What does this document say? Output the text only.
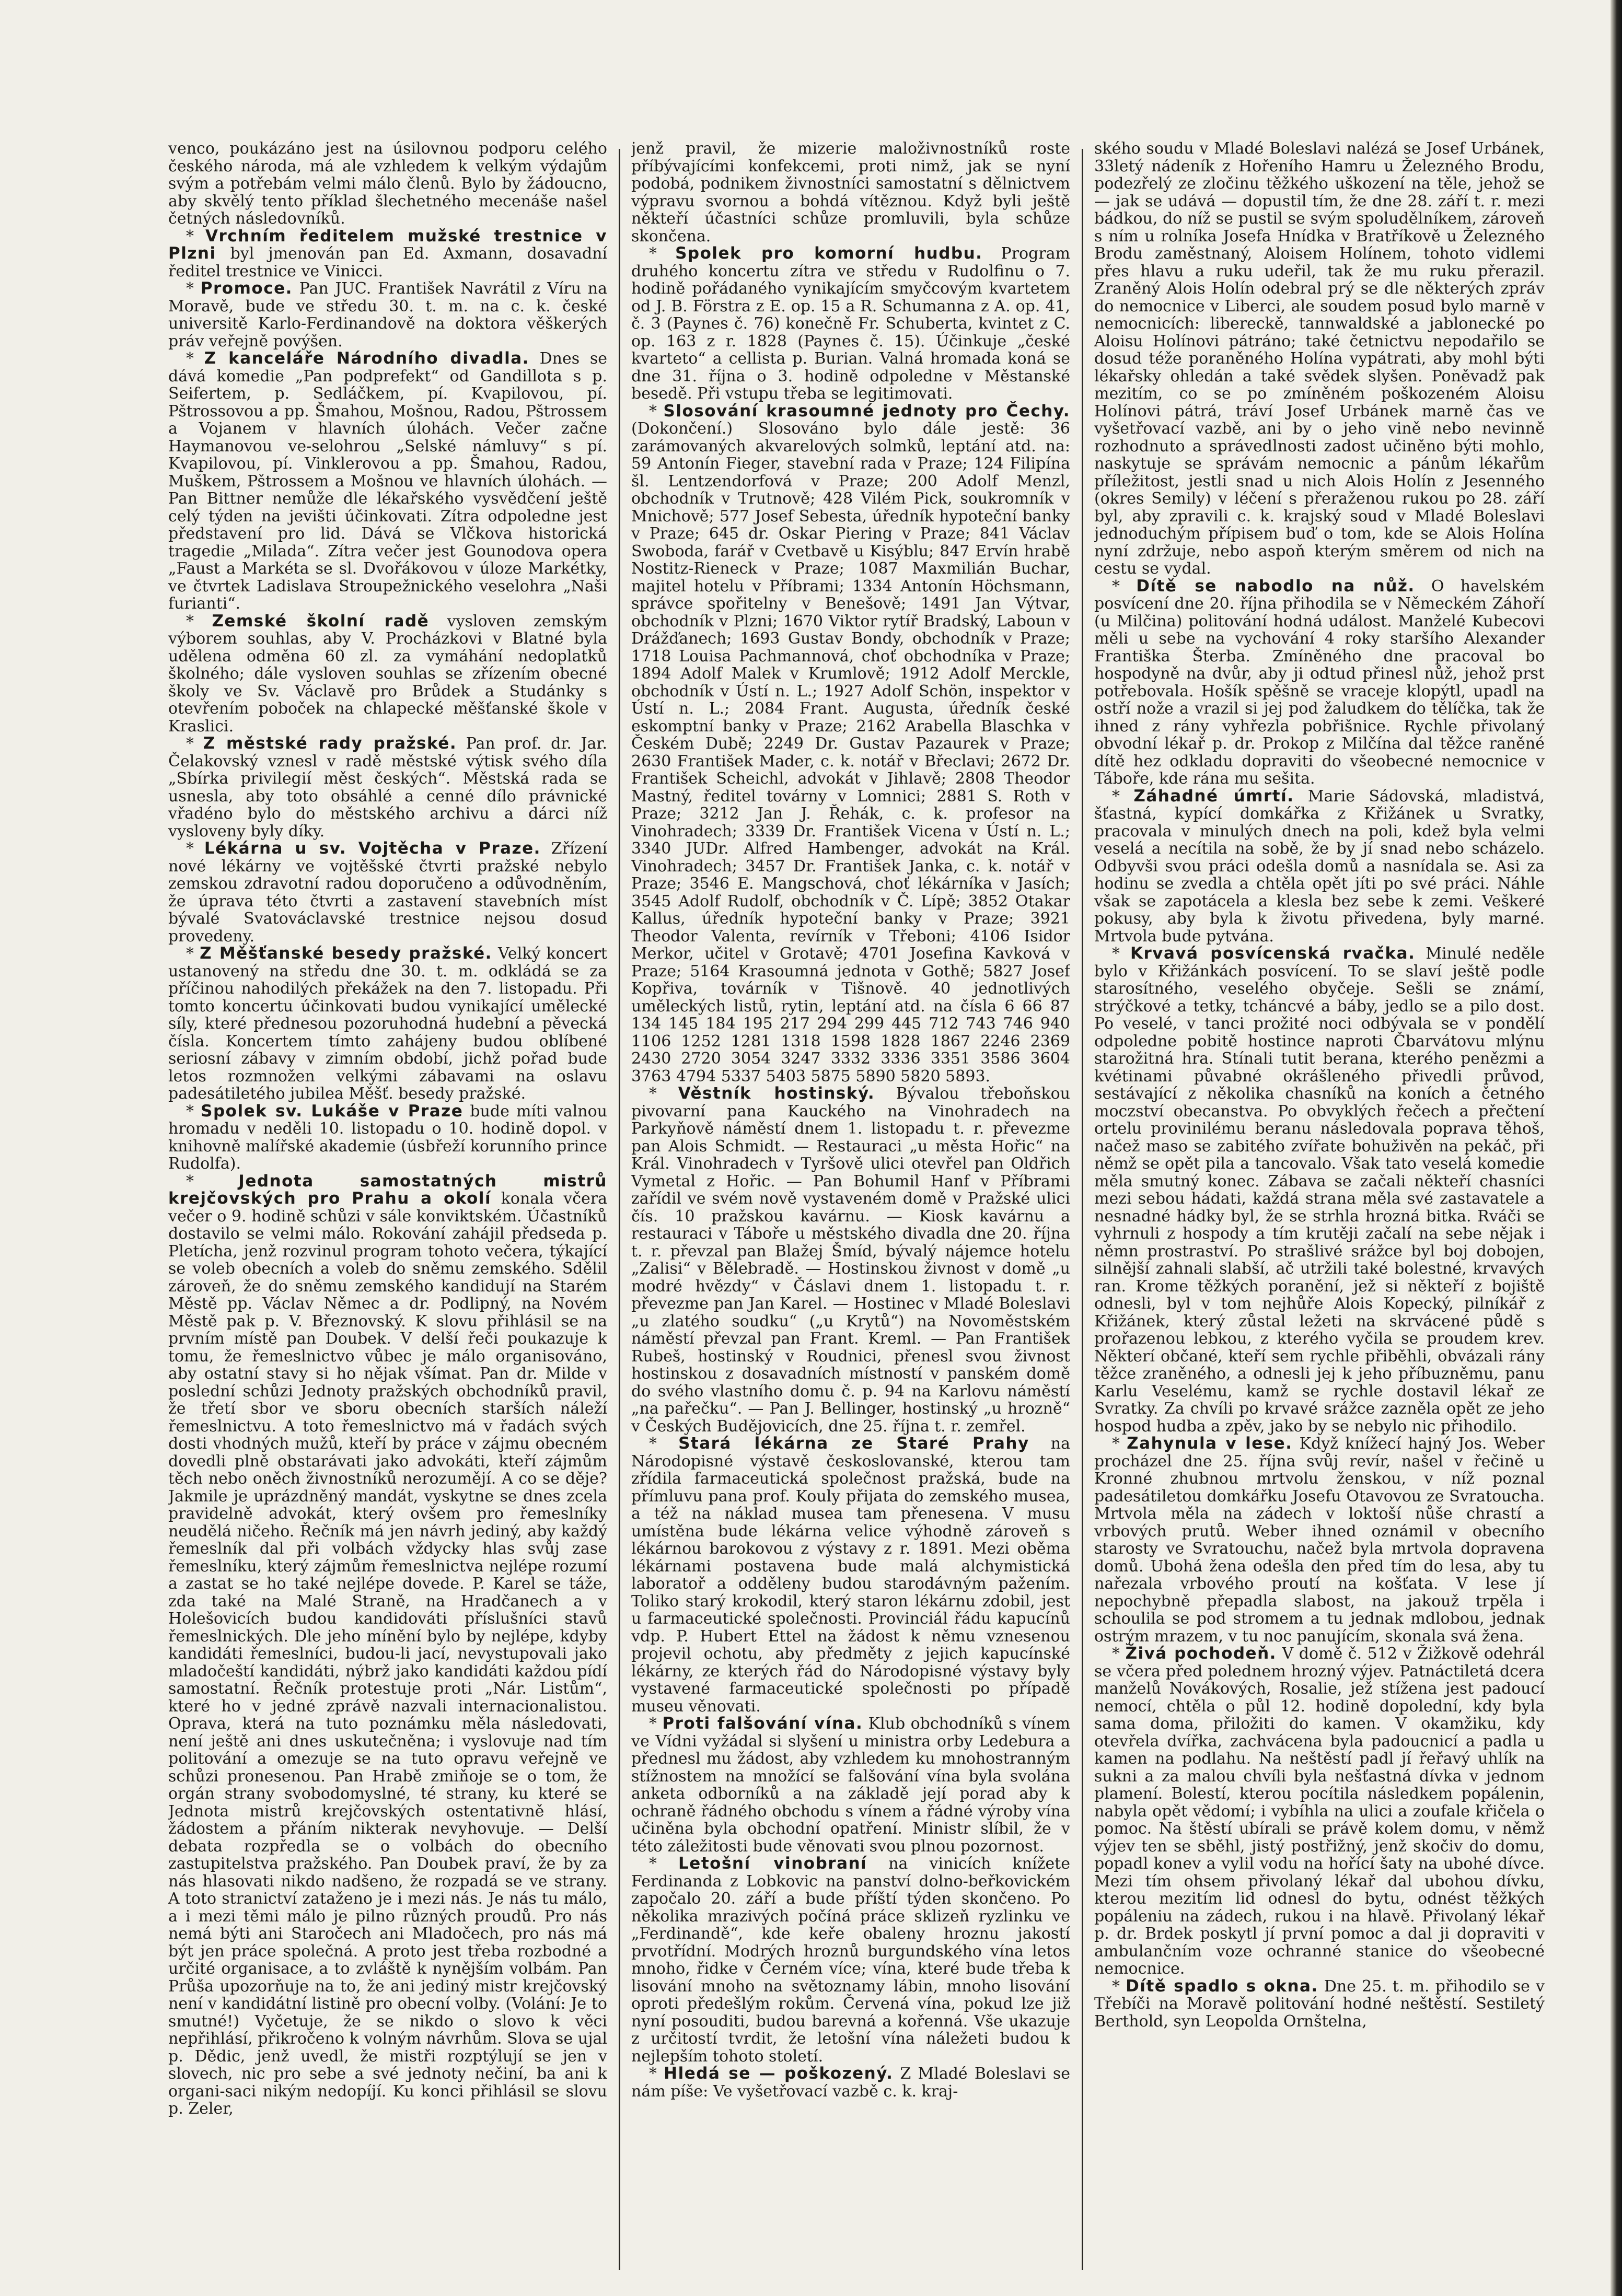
venco, poukázáno jest na úsilovnou podporu celého českého národa, má ale vzhledem k velkým výdajům svým a potřebám velmi málo členů. Bylo by žádoucno, aby skvělý tento příklad šlechetného mecenáše našel četných následovníků.

* Vrchním ředitelem mužské trestnice v Plzni byl jmenován pan Ed. Axmann, dosavadní ředitel trestnice ve Vinicci.

* Promoce. Pan JUC. František Navrátil z Víru na Moravě, bude ve středu 30. t. m. na c. k. české universitě Karlo-Ferdinandově na doktora věškerých práv veřejně povýšen.

* Z kanceláře Národního divadla. Dnes se dává komedie „Pan podprefekt“ od Gandillota s p. Seifertem, p. Sedláčkem, pí. Kvapilovou, pí. Pštrossovou a pp. Šmahou, Mošnou, Radou, Pštrossem a Vojanem v hlavních úlohách. Večer začne Haymanovou ve-selohrou „Selské námluvy“ s pí. Kvapilovou, pí. Vinklerovou a pp. Šmahou, Radou, Muškem, Pštrossem a Mošnou ve hlavních úlohách. — Pan Bittner nemůže dle lékařského vysvědčení ještě celý týden na jevišti účinkovati. Zítra odpoledne jest představení pro lid. Dává se Vlčkova historická tragedie „Milada“. Zítra večer jest Gounodova opera „Faust a Markéta se sl. Dvořákovou v úloze Markétky, ve čtvrtek Ladislava Stroupežnického veselohra „Naši furianti“.

* Zemské školní radě vysloven zemským výborem souhlas, aby V. Procházkovi v Blatné byla udělena odměna 60 zl. za vymáhání nedoplatků školného; dále vysloven souhlas se zřízením obecné školy ve Sv. Václavě pro Brůdek a Studánky s otevřením poboček na chlapecké měšťanské škole v Kraslici.

* Z městské rady pražské. Pan prof. dr. Jar. Čelakovský vznesl v radě městské výtisk svého díla „Sbírka privilegií měst českých“. Městská rada se usnesla, aby toto obsáhlé a cenné dílo právnické vřadéno bylo do městského archivu a dárci níž vysloveny byly díky.

* Lékárna u sv. Vojtěcha v Praze. Zřízení nové lékárny ve vojtěšské čtvrti pražské nebylo zemskou zdravotní radou doporučeno a odůvodněním, že úprava této čtvrti a zastavení stavebních míst bývalé Svatováclavské trestnice nejsou dosud provedeny.

* Z Měšťanské besedy pražské. Velký koncert ustanovený na středu dne 30. t. m. odkládá se za příčinou nahodilých překážek na den 7. listopadu. Při tomto koncertu účinkovati budou vynikající umělecké síly, které přednesou pozoruhodná hudební a pěvecká čísla. Koncertem tímto zahájeny budou oblíbené seriosní zábavy v zimním období, jichž pořad bude letos rozmnožen velkými zábavami na oslavu padesátiletého jubilea Měšť. besedy pražské.

* Spolek sv. Lukáše v Praze bude míti valnou hromadu v neděli 10. listopadu o 10. hodině dopol. v knihovně malířské akademie (úsbřeží korunního prince Rudolfa).

* Jednota samostatných mistrů krejčovských pro Prahu a okolí konala včera večer o 9. hodině schůzi v sále konviktském. Účastníků dostavilo se velmi málo. Rokování zahájil předseda p. Pletícha, jenž rozvinul program tohoto večera, týkající se voleb obecních a voleb do sněmu zemského. Sdělil zároveň, že do sněmu zemského kandidují na Starém Městě pp. Václav Němec a dr. Podlipný, na Novém Městě pak p. V. Březnovský. K slovu přihlásil se na prvním místě pan Doubek. V delší řeči poukazuje k tomu, že řemeslnictvo vůbec je málo organisováno, aby ostatní stavy si ho nějak všímat. Pan dr. Milde v poslední schůzi Jednoty pražských obchodníků pravil, že třetí sbor ve sboru obecních starších náleží řemeslnictvu. A toto řemeslnictvo má v řadách svých dosti vhodných mužů, kteří by práce v zájmu obecném dovedli plně obstarávati jako advokáti, kteří zájmům těch nebo oněch živnostníků nerozumějí. A co se děje? Jakmile je uprázdněný mandát, vyskytne se dnes zcela pravidelně advokát, který ovšem pro řemeslníky neudělá ničeho. Řečník má jen návrh jediný, aby každý řemeslník dal při volbách vždycky hlas svůj zase řemeslníku, který zájmům řemeslnictva nejlépe rozumí a zastat se ho také nejlépe dovede. P. Karel se táže, zda také na Malé Straně, na Hradčanech a v Holešovicích budou kandidováti příslušníci stavů řemeslnických. Dle jeho mínění bylo by nejlépe, kdyby kandidáti řemeslníci, budou-li jací, nevystupovali jako mladočeští kandidáti, nýbrž jako kandidáti každou pídí samostatní. Řečník protestuje proti „Nár. Listům“, které ho v jedné zprávě nazvali internacionalistou. Oprava, která na tuto poznámku měla následovati, není ještě ani dnes uskutečněna; i vyslovuje nad tím politování a omezuje se na tuto opravu veřejně ve schůzi pronesenou. Pan Hrabě zmiňoje se o tom, že orgán strany svobodomyslné, té strany, ku které se Jednota mistrů krejčovských ostentativně hlásí, žádostem a přáním nikterak nevyhovuje. — Delší debata rozpředla se o volbách do obecního zastupitelstva pražského. Pan Doubek praví, že by za nás hlasovati nikdo nadšeno, že rozpadá se ve strany. A toto stranictví zataženo je i mezi nás. Je nás tu málo, a i mezi těmi málo je pilno různých proudů. Pro nás nemá býti ani Staročech ani Mladočech, pro nás má být jen práce společná. A proto jest třeba rozbodné a určité organisace, a to zvláště k nynějším volbám. Pan Průša upozorňuje na to, že ani jediný mistr krejčovský není v kandidátní listině pro obecní volby. (Volání: Je to smutné!) Vyčetuje, že se nikdo o slovo k věci nepřihlásí, přikročeno k volným návrhům. Slova se ujal p. Dědic, jenž uvedl, že mistři rozptýlují se jen v slovech, nic pro sebe a své jednoty nečiní, ba ani k organi-saci nikým nedopíjí. Ku konci přihlásil se slovu p. Zeler,

jenž pravil, že mizerie maloživnostníků roste příbývajícími konfekcemi, proti nimž, jak se nyní podobá, podnikem živnostníci samostatní s dělnictvem výpravu svornou a bohdá vítěznou. Když byli ještě někteří účastníci schůze promluvili, byla schůze skončena.

* Spolek pro komorní hudbu. Program druhého koncertu zítra ve středu v Rudolfinu o 7. hodině pořádaného vynikajícím smyčcovým kvartetem od J. B. Förstra z E. op. 15 a R. Schumanna z A. op. 41, č. 3 (Paynes č. 76) konečně Fr. Schuberta, kvintet z C. op. 163 z r. 1828 (Paynes č. 15). Účinkuje „české kvarteto“ a cellista p. Burian. Valná hromada koná se dne 31. října o 3. hodině odpoledne v Městanské besedě. Při vstupu třeba se legitimovati.

* Slosování krasoumné jednoty pro Čechy. (Dokončení.) Slosováno bylo dále jestě: 36 zarámovaných akvarelových solmků, leptání atd. na: 59 Antonín Fieger, stavební rada v Praze; 124 Filipína šl. Lentzendorfová v Praze; 200 Adolf Menzl, obchodník v Trutnově; 428 Vilém Pick, soukromník v Mnichově; 577 Josef Sebesta, úředník hypoteční banky v Praze; 645 dr. Oskar Piering v Praze; 841 Václav Swoboda, farář v Cvetbavě u Kisýblu; 847 Ervín hrabě Nostitz-Rieneck v Praze; 1087 Maxmilián Buchar, majitel hotelu v Příbrami; 1334 Antonín Höchsmann, správce spořitelny v Benešově; 1491 Jan Výtvar, obchodník v Plzni; 1670 Viktor rytíř Bradský, Laboun v Drážďanech; 1693 Gustav Bondy, obchodník v Praze; 1718 Louisa Pachmannová, choť obchodníka v Praze; 1894 Adolf Malek v Krumlově; 1912 Adolf Merckle, obchodník v Ústí n. L.; 1927 Adolf Schön, inspektor v Ústí n. L.; 2084 Frant. Augusta, úředník české eskomptní banky v Praze; 2162 Arabella Blaschka v Českém Dubě; 2249 Dr. Gustav Pazaurek v Praze; 2630 František Mader, c. k. notář v Břeclavi; 2672 Dr. František Scheichl, advokát v Jihlavě; 2808 Theodor Mastný, ředitel továrny v Lomnici; 2881 S. Roth v Praze; 3212 Jan J. Řehák, c. k. profesor na Vinohradech; 3339 Dr. František Vicena v Ústí n. L.; 3340 JUDr. Alfred Hambenger, advokát na Král. Vinohradech; 3457 Dr. František Janka, c. k. notář v Praze; 3546 E. Mangschová, choť lékárníka v Jasích; 3545 Adolf Rudolf, obchodník v Č. Lípě; 3852 Otakar Kallus, úředník hypoteční banky v Praze; 3921 Theodor Valenta, revírník v Třeboni; 4106 Isidor Merkor, učitel v Grotavě; 4701 Josefina Kavková v Praze; 5164 Krasoumná jednota v Gothě; 5827 Josef Kopřiva, továrník v Tišnově. 40 jednotlivých uměleckých listů, rytin, leptání atd. na čísla 6 66 87 134 145 184 195 217 294 299 445 712 743 746 940 1106 1252 1281 1318 1598 1828 1867 2246 2369 2430 2720 3054 3247 3332 3336 3351 3586 3604 3763 4794 5337 5403 5875 5890 5820 5893.

* Věstník hostinský. Bývalou třeboňskou pivovarní pana Kauckého na Vinohradech na Parkyňově náměstí dnem 1. listopadu t. r. převezme pan Alois Schmidt. — Restauraci „u města Hořic“ na Král. Vinohradech v Tyršově ulici otevřel pan Oldřich Vymetal z Hořic. — Pan Bohumil Hanf v Příbrami zařídil ve svém nově vystaveném domě v Pražské ulici čís. 10 pražskou kavárnu. — Kiosk kavárnu a restauraci v Táboře u městského divadla dne 20. října t. r. převzal pan Blažej Šmíd, bývalý nájemce hotelu „Zalisi“ v Bělebradě. — Hostinskou živnost v domě „u modré hvězdy“ v Čáslavi dnem 1. listopadu t. r. převezme pan Jan Karel. — Hostinec v Mladé Boleslavi „u zlatého soudku“ („u Krytů“) na Novoměstském náměstí převzal pan Frant. Kreml. — Pan František Rubeš, hostinský v Roudnici, přenesl svou živnost hostinskou z dosavadních místností v panském domě do svého vlastního domu č. p. 94 na Karlovu náměstí „na pařečku“. — Pan J. Bellinger, hostinský „u hrozně“ v Českých Budějovicích, dne 25. října t. r. zemřel.

* Stará lékárna ze Staré Prahy na Národopisné výstavě českoslovanské, kterou tam zřídila farmaceutická společnost pražská, bude na přímluvu pana prof. Kouly přijata do zemského musea, a též na náklad musea tam přenesena. V musu umístěna bude lékárna velice výhodně zároveň s lékárnou barokovou z výstavy z r. 1891. Mezi oběma lékárnami postavena bude malá alchymistická laboratoř a odděleny budou starodávným pažením. Toliko starý krokodil, který staron lékárnu zdobil, jest u farmaceutické společnosti. Provinciál řádu kapucínů vdp. P. Hubert Ettel na žádost k němu vznesenou projevil ochotu, aby předměty z jejich kapucínské lékárny, ze kterých řád do Národopisné výstavy byly vystavené farmaceutické společnosti po případě museu věnovati.

* Proti falšování vína. Klub obchodníků s vínem ve Vídni vyžádal si slyšení u ministra orby Ledebura a přednesl mu žádost, aby vzhledem ku mnohostranným stížnostem na množící se falšování vína byla svolána anketa odborníků a na základě její porad aby k ochraně řádného obchodu s vínem a řádné výroby vína učiněna byla obchodní opatření. Ministr slíbil, že v této záležitosti bude věnovati svou plnou pozornost.

* Letošní vinobraní na vinicích knížete Ferdinanda z Lobkovic na panství dolno-beřkovickém započalo 20. září a bude příští týden skončeno. Po několika mrazivých počíná práce sklizeň ryzlinku ve „Ferdinandě“, kde keře obaleny hroznu jakostí prvotřídní. Modrých hroznů burgundského vína letos mnoho, řidke v Černém více; vína, které bude třeba k lisování mnoho na světoznamy lábin, mnoho lisování oproti předešlým rokům. Červená vína, pokud lze již nyní posouditi, budou barevná a kořenná. Vše ukazuje z určitostí tvrdit, že letošní vína náležeti budou k nejlepším tohoto století.

* Hledá se — poškozený. Z Mladé Boleslavi se nám píše: Ve vyšetřovací vazbě c. k. kraj-

ského soudu v Mladé Boleslavi nalézá se Josef Urbánek, 33letý nádeník z Hořeního Hamru u Železného Brodu, podezřelý ze zločinu těžkého uškození na těle, jehož se — jak se udává — dopustil tím, že dne 28. září t. r. mezi bádkou, do níž se pustil se svým spoludělníkem, zároveň s ním u rolníka Josefa Hnídka v Bratříkově u Železného Brodu zaměstnaný, Aloisem Holínem, tohoto vidlemi přes hlavu a ruku udeřil, tak že mu ruku přerazil. Zraněný Alois Holín odebral prý se dle některých zpráv do nemocnice v Liberci, ale soudem posud bylo marně v nemocnicích: libereckě, tannwaldské a jablonecké po Aloisu Holínovi pátráno; také četnictvu nepodařilo se dosud téže poraněného Holína vypátrati, aby mohl býti lékařsky ohledán a také svědek slyšen. Poněvadž pak mezitím, co se po zmíněném poškozeném Aloisu Holínovi pátrá, tráví Josef Urbánek marně čas ve vyšetřovací vazbě, ani by o jeho vině nebo nevinně rozhodnuto a správedlnosti zadost učiněno býti mohlo, naskytuje se správám nemocnic a pánům lékařům příležitost, jestli snad u nich Alois Holín z Jesenného (okres Semily) v léčení s přeraženou rukou po 28. září byl, aby zpravili c. k. krajský soud v Mladé Boleslavi jednoduchým přípisem buď o tom, kde se Alois Holína nyní zdržuje, nebo aspoň kterým směrem od nich na cestu se vydal.

* Dítě se nabodlo na nůž. O havelském posvícení dne 20. října přihodila se v Německém Záhoří (u Milčina) politování hodná událost. Manželé Kubecovi měli u sebe na vychování 4 roky staršího Alexander Františka Šterba. Zmíněného dne pracoval bo hospodyně na dvůr, aby ji odtud přinesl nůž, jehož prst potřebovala. Hošík spěšně se vraceje klopýtl, upadl na ostří nože a vrazil si jej pod žaludkem do tělíčka, tak že ihned z rány vyhřezla pobřišnice. Rychle přivolaný obvodní lékař p. dr. Prokop z Milčína dal těžce raněné dítě hez odkladu dopraviti do všeobecné nemocnice v Táboře, kde rána mu sešita.

* Záhadné úmrtí. Marie Sádovská, mladistvá, šťastná, kypící domkářka z Křižánek u Svratky, pracovala v minulých dnech na poli, kdež byla velmi veselá a necítila na sobě, že by jí snad nebo scházelo. Odbyvši svou práci odešla domů a nasnídala se. Asi za hodinu se zvedla a chtěla opět jíti po své práci. Náhle však se zapotácela a klesla bez sebe k zemi. Veškeré pokusy, aby byla k životu přivedena, byly marné. Mrtvola bude pytvána.

* Krvavá posvícenská rvačka. Minulé neděle bylo v Křižánkách posvícení. To se slaví ještě podle starosítného, veselého obyčeje. Sešli se známí, strýčkové a tetky, tcháncvé a báby, jedlo se a pilo dost. Po veselé, v tanci prožité noci odbývala se v pondělí odpoledne pobitě hostince naproti Čbarvátovu mlýnu starožitná hra. Stínali tutit berana, kterého penězmi a kvétinami půvabné okrášleného přivedli průvod, sestávající z několika chasníků na koních a četného moczství obecanstva. Po obvyklých řečech a přečtení ortelu provinilému beranu následovala poprava těhoš, načež maso se zabitého zvířate bohuživěn na pekáč, při němž se opět pila a tancovalo. Však tato veselá komedie měla smutný konec. Zábava se začali někteří chasníci mezi sebou hádati, každá strana měla své zastavatele a nesnadné hádky byl, že se strhla hrozná bitka. Rváči se vyhrnuli z hospody a tím krutěji začalí na sebe nějak i němn prostraství. Po strašlivé srážce byl boj dobojen, silnější zahnali slabší, ač utržili také bolestné, krvavých ran. Krome těžkých poranění, jež si někteří z bojiště odnesli, byl v tom nejhůře Alois Kopecký, pilníkář z Křižánek, který zůstal ležeti na skrvácené půdě s prořazenou lebkou, z kterého vyčila se proudem krev. Některí občané, kteří sem rychle přiběhli, obvázali rány těžce zraněného, a odnesli jej k jeho příbuzněmu, panu Karlu Veselému, kamž se rychle dostavil lékař ze Svratky. Za chvíli po krvavé srážce zazněla opět ze jeho hospod hudba a zpěv, jako by se nebylo nic přihodilo.

* Zahynula v lese. Když knížecí hajný Jos. Weber procházel dne 25. října svůj revír, našel v řečině u Kronné zhubnou mrtvolu ženskou, v níž poznal padesátiletou domkářku Josefu Otavovou ze Svratoucha. Mrtvola měla na zádech v loktoší nůše chrastí a vrbových prutů. Weber ihned oznámil v obecního starosty ve Svratouchu, načež byla mrtvola dopravena domů. Ubohá žena odešla den před tím do lesa, aby tu nařezala vrbového proutí na košťata. V lese jí nepochybně přepadla slabost, na jakouž trpěla i schoulila se pod stromem a tu jednak mdlobou, jednak ostrým mrazem, v tu noc panujícím, skonala svá žena.

* Živá pochodeň. V domě č. 512 v Žižkově odehrál se včera před polednem hrozný výjev. Patnáctiletá dcera manželů Novákových, Rosalie, jež stížena jest padoucí nemocí, chtěla o půl 12. hodině dopolední, kdy byla sama doma, přiložiti do kamen. V okamžiku, kdy otevřela dvířka, zachvácena byla padoucnicí a padla u kamen na podlahu. Na neštěstí padl jí řeřavý uhlík na sukni a za malou chvíli byla nešťastná dívka v jednom plamení. Bolestí, kterou pocítila následkem popálenin, nabyla opět vědomí; i vybíhla na ulici a zoufale křičela o pomoc. Na štěstí ubírali se právě kolem domu, v němž výjev ten se sběhl, jistý postřižný, jenž skočiv do domu, popadl konev a vylil vodu na hořící šaty na ubohé dívce. Mezi tím ohsem přivolaný lékař dal ubohou dívku, kterou mezitím lid odnesl do bytu, odnést těžkých popáleniu na zádech, rukou i na hlavě. Přivolaný lékař p. dr. Brdek poskytl jí první pomoc a dal ji dopraviti v ambulančním voze ochranné stanice do všeobecné nemocnice.

* Dítě spadlo s okna. Dne 25. t. m. přihodilo se v Třebíči na Moravě politování hodné neštěstí. Sestiletý Berthold, syn Leopolda Ornštelna,
